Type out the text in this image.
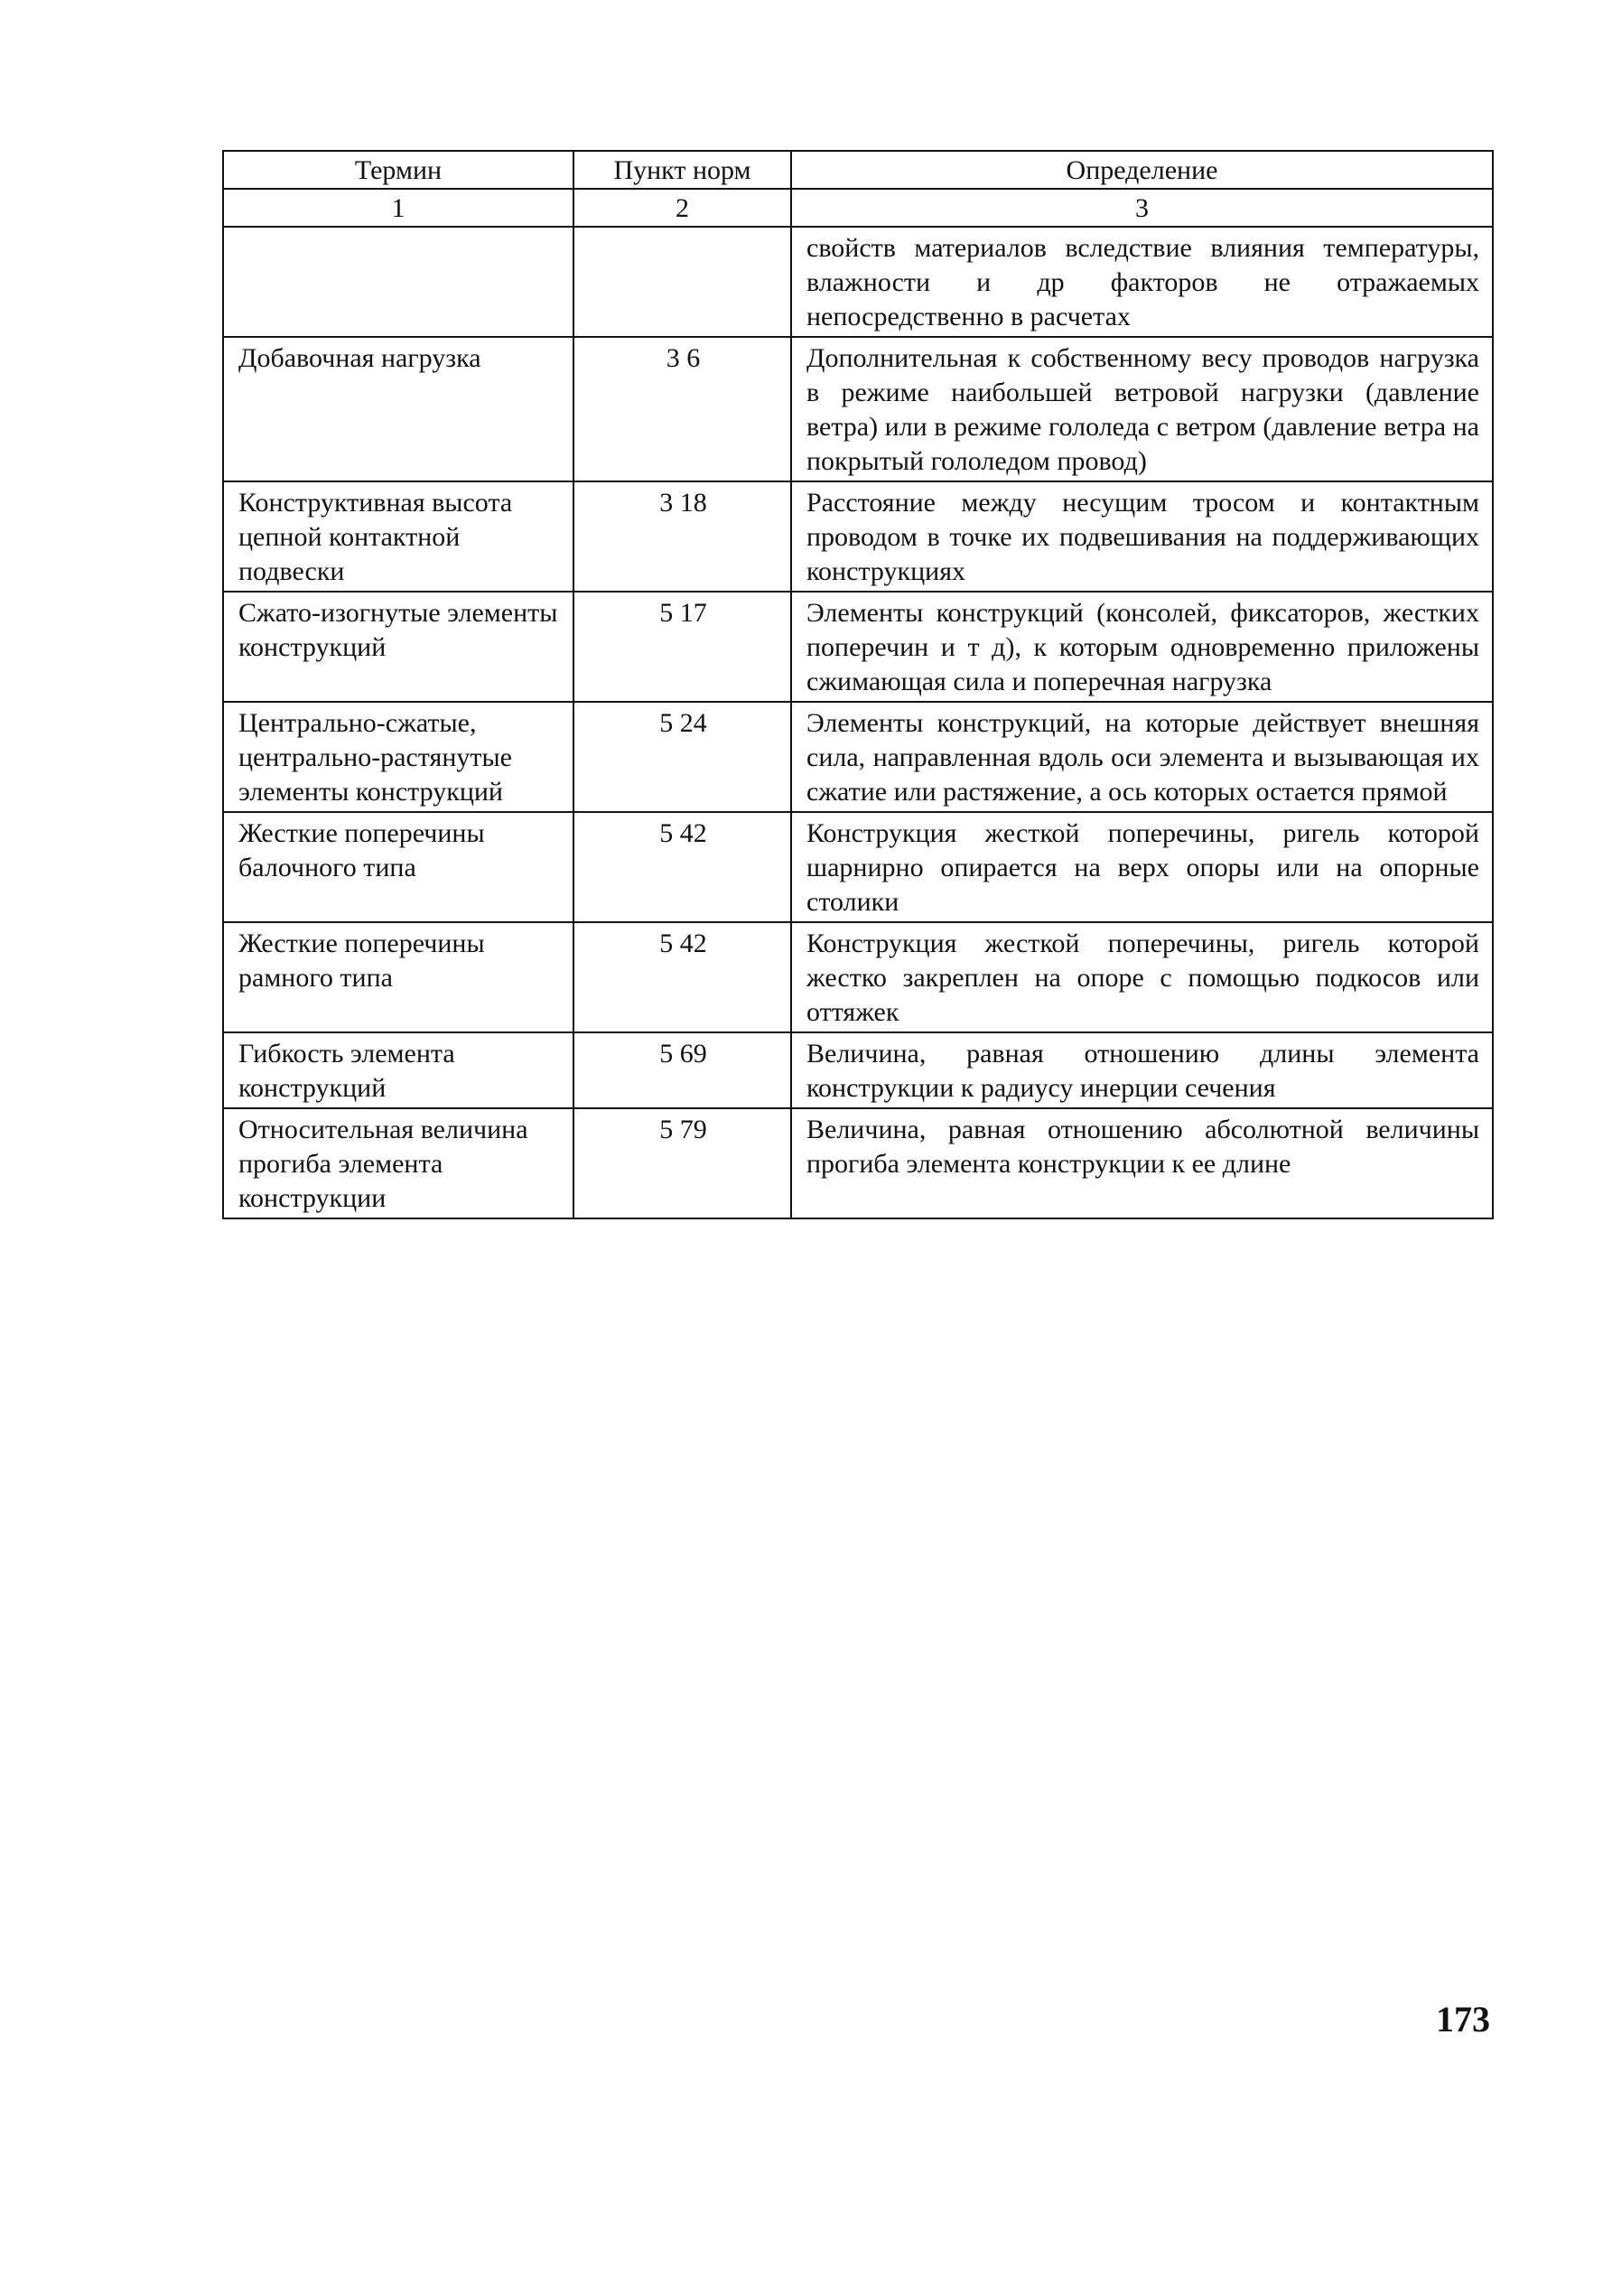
Термин	Пункт норм	Определение
1	2	3
		свойств материалов вследствие влияния температуры, влажности и др факторов не отражаемых непосредственно в расчетах
Добавочная нагрузка	3 6	Дополнительная к собственному весу проводов нагрузка в режиме наибольшей ветровой нагрузки (давление ветра) или в режиме гололеда с ветром (давление ветра на покрытый гололедом провод)
Конструктивная высота цепной контактной подвески	3 18	Расстояние между несущим тросом и контактным проводом в точке их подвешивания на поддерживающих конструкциях
Сжато-изогнутые элементы конструкций	5 17	Элементы конструкций (консолей, фиксаторов, жестких поперечин и т д), к которым одновременно приложены сжимающая сила и поперечная нагрузка
Центрально-сжатые, центрально-растянутые элементы конструкций	5 24	Элементы конструкций, на которые действует внешняя сила, направленная вдоль оси элемента и вызывающая их сжатие или растяжение, а ось которых остается прямой
Жесткие поперечины балочного типа	5 42	Конструкция жесткой поперечины, ригель которой шарнирно опирается на верх опоры или на опорные столики
Жесткие поперечины рамного типа	5 42	Конструкция жесткой поперечины, ригель которой жестко закреплен на опоре с помощью подкосов или оттяжек
Гибкость элемента конструкций	5 69	Величина, равная отношению длины элемента конструкции к радиусу инерции сечения
Относительная величина прогиба элемента конструкции	5 79	Величина, равная отношению абсолютной величины прогиба элемента конструкции к ее длине
173
